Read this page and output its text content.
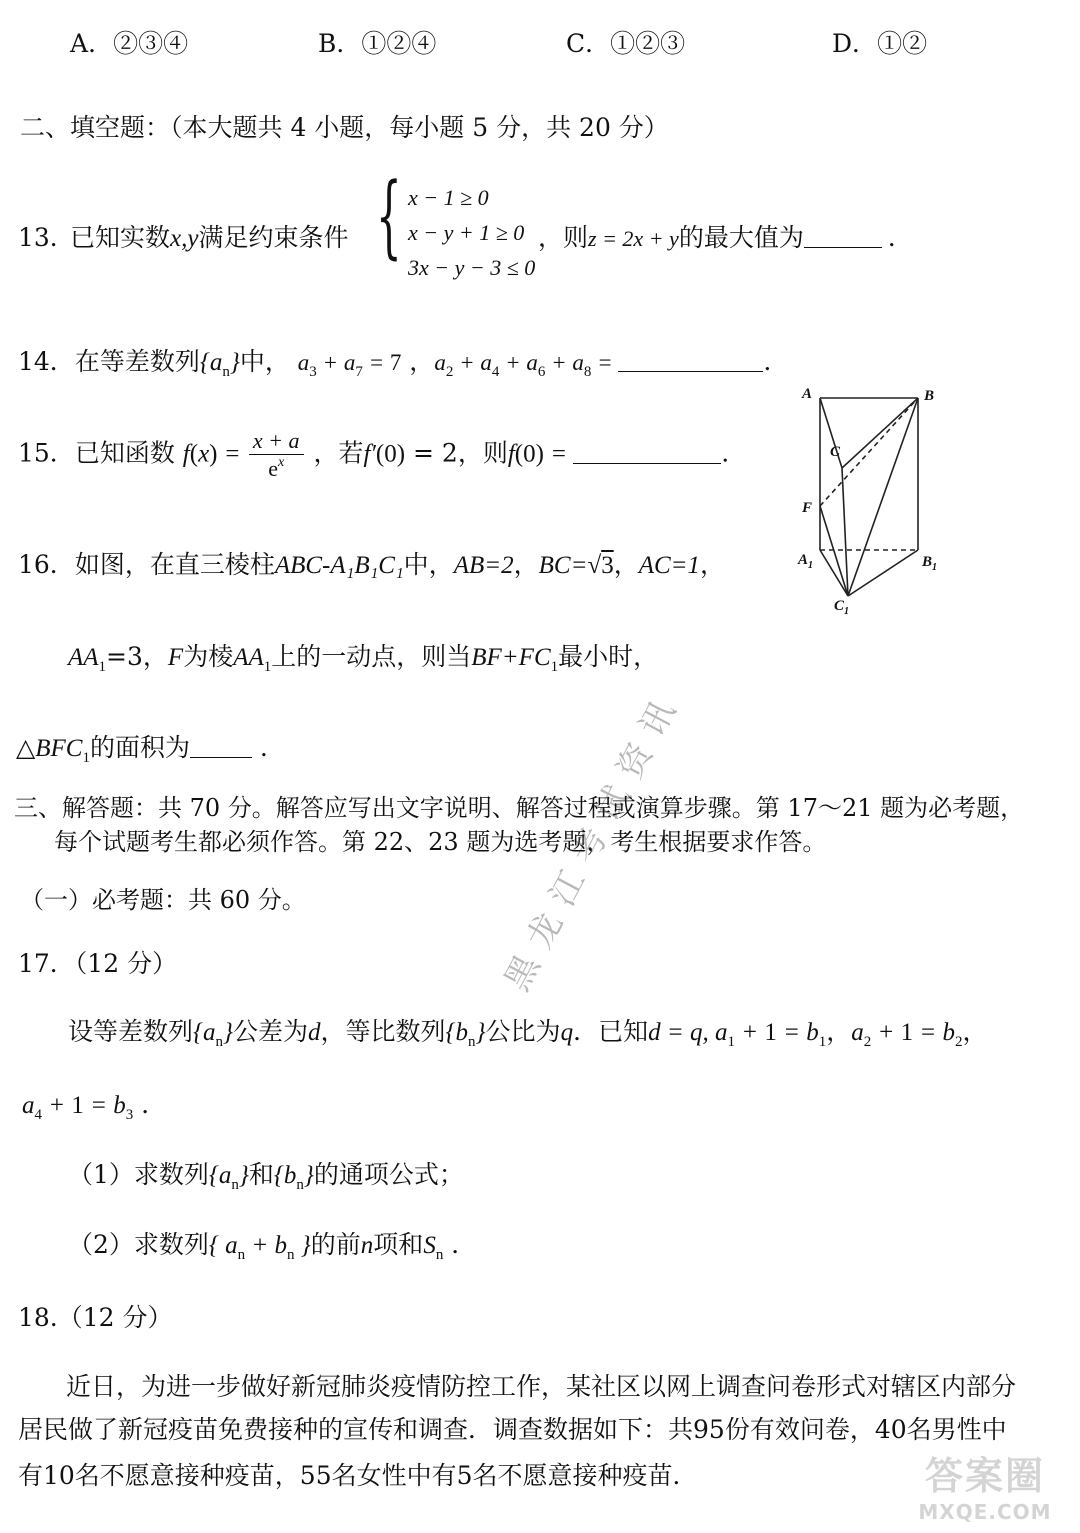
A．②③④	B．①②④	C．①②③	D．①②
二、填空题：（本大题共 4 小题，每小题 5 分，共 20 分）
13．
已知实数x,y满足约束条件 { x − 1 ≥ 0
x − y + 1 ≥ 0
3x − y − 3 ≤ 0
，则z = 2x + y的最大值为	．
14．在等差数列$\{a_n\}$中， $a_3 + a_7 = 7$ ，$a_2 + a_4 + a_6 + a_8$ =	．
15．已知函数 $f(x) = \frac{x + a}{e^x}$ ，若f′(0) = 2，则f(0) =	．
16．如图，在直三棱柱ABC-A₁B₁C₁中，AB=2，BC=√3，AC=1，
$AA_1=3$，F为棱$AA_1$上的一动点，则当$BF+FC_1$最小时，
$\triangle BFC_1$的面积为	．
A	B
C
F
$A_1$	$B_1$
$C_1$
黑龙江考试资讯
三、解答题：共 70 分。解答应写出文字说明、解答过程或演算步骤。第 17～21 题为必考题，
每个试题考生都必须作答。第 22、23 题为选考题，考生根据要求作答。
（一）必考题：共 60 分。
17．（12 分）
设等差数列$\{a_n\}$公差为d，等比数列$\{b_n\}$公比为q．已知d = q, $a_1 + 1 = b_1$，$a_2 + 1 = b_2$，
$a_4 + 1 = b_3$ ．
（1）求数列$\{a_n\}$和$\{b_n\}$的通项公式；
（2）求数列{ $a_n + b_n$ }的前n项和$S_n$ ．
18.（12 分）
近日，为进一步做好新冠肺炎疫情防控工作，某社区以网上调查问卷形式对辖区内部分
居民做了新冠疫苗免费接种的宣传和调查．调查数据如下：共95份有效问卷，40名男性中
有10名不愿意接种疫苗，55名女性中有5名不愿意接种疫苗．	答案圈
MXQE.COM
